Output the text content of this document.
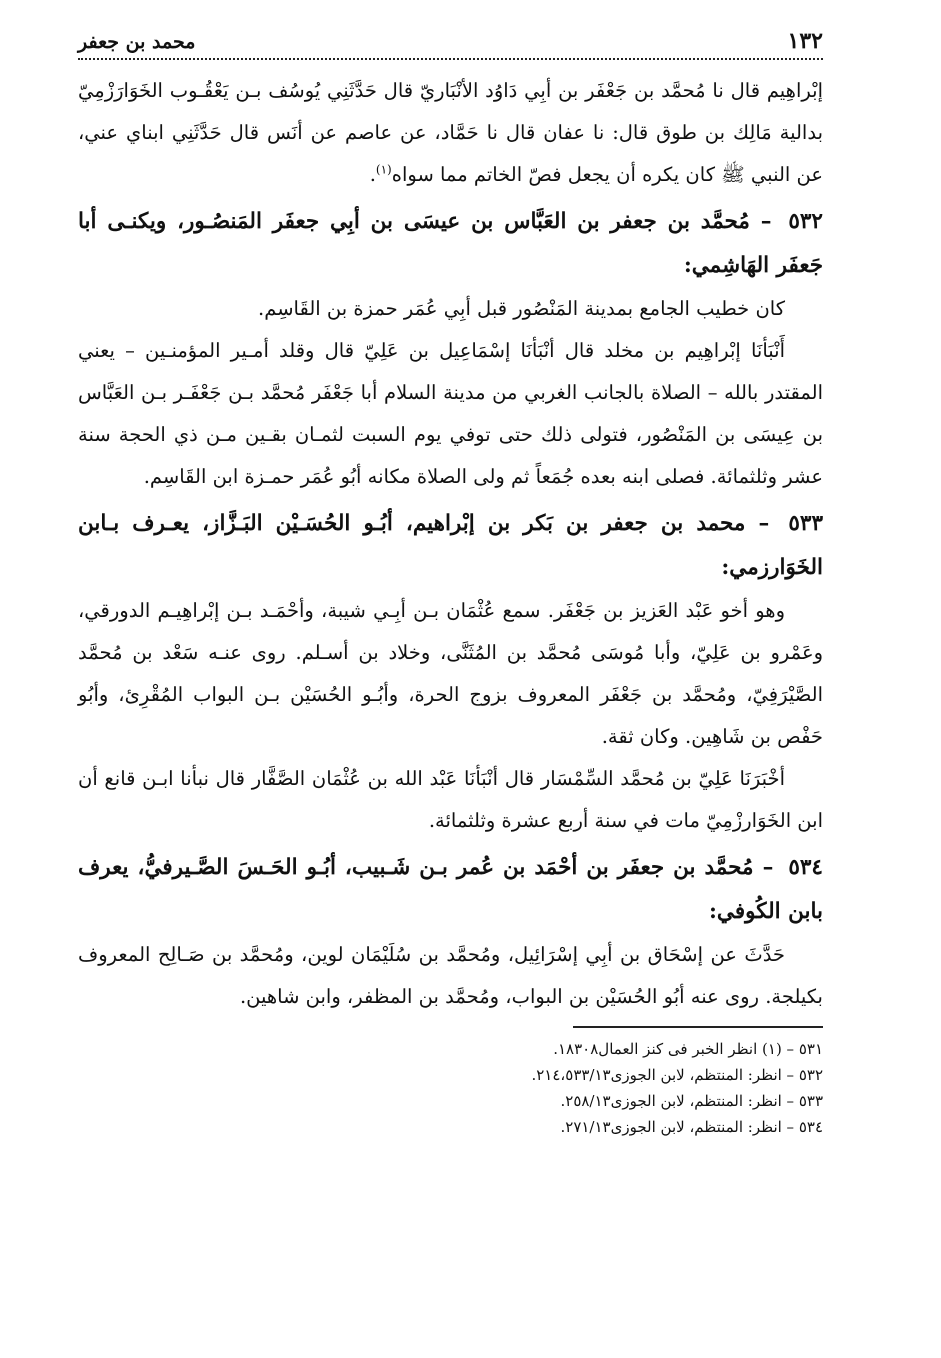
١٣٢
محمد بن جعفر

إبْراهِيم قال نا مُحمَّد بن جَعْفَر بن أبِي دَاوُد الأنْبَاريّ قال حَدَّثَنِي يُوسُف بـن يَعْقُـوب الخَوَارَزْمِيّ بدالية مَالِك بن طوق قال: نا عفان قال نا حَمَّاد، عن عاصم عن أنَس قال حَدَّثَنِي ابناي عني، عن النبي ﷺ كان يكره أن يجعل فصّ الخاتم مما سواه$^{(١)}$.

٥٣٢ – مُحمَّد بن جعفر بن العَبَّاس بن عيسَى بن أبِي جعفَر المَنصُـور، ويكنـى أبا جَعفَر الهَاشِمي:

كان خطيب الجامع بمدينة المَنْصُور قبل أبِي عُمَر حمزة بن القَاسِم.

أَنْبَأنَا إبْراهِيم بن مخلد قال أنْبَأنَا إسْمَاعِيل بن عَلِيّ قال وقلد أمـير المؤمنـين – يعني المقتدر بالله – الصلاة بالجانب الغربي من مدينة السلام أبا جَعْفَر مُحمَّد بـن جَعْفَـر بـن العَبَّاس بن عِيسَى بن المَنْصُور، فتولى ذلك حتى توفي يوم السبت لثمـان بقـين مـن ذي الحجة سنة عشر وثلثمائة. فصلى ابنه بعده جُمَعاً ثم ولى الصلاة مكانه أبُو عُمَر حمـزة ابن القَاسِم.

٥٣٣ – محمد بن جعفر بن بَكر بن إبْراهيم، أبُـو الحُسَـيْن البَـزَّاز، يعـرف بـابن الخَوَارزمي:

وهو أخو عَبْد العَزيز بن جَعْفَر. سمع عُثْمَان بـن أبِـي شيبة، وأحْمَـد بـن إبْراهِيـم الدورقي، وعَمْرو بن عَلِيّ، وأبا مُوسَى مُحمَّد بن المُثَنَّى، وخلاد بن أسـلم. روى عنـه سَعْد بن مُحمَّد الصَّيْرَفِيّ، ومُحمَّد بن جَعْفَر المعروف بزوج الحرة، وأبُـو الحُسَيْن بـن البواب المُقْرِئ، وأبُو حَفْص بن شَاهِين. وكان ثقة.

أخْبَرَنَا عَلِيّ بن مُحمَّد السِّمْسَار قال أنْبَأنَا عَبْد الله بن عُثْمَان الصَّفَّار قال نبأنا ابـن قانع أن ابن الخَوَارزْمِيّ مات في سنة أربع عشرة وثلثمائة.

٥٣٤ – مُحمَّد بن جعفَر بن أحْمَد بن عُمر بـن شَـبيب، أبُـو الحَـسَ الصَّـيرفيُّ، يعرف بابن الكُوفي:

حَدَّثَ عن إسْحَاق بن أبِي إسْرَائِيل، ومُحمَّد بن سُلَيْمَان لوين، ومُحمَّد بن صَـالِح المعروف بكيلجة. روى عنه أبُو الحُسَيْن بن البواب، ومُحمَّد بن المظفر، وابن شاهين.

٥٣١ – (١) انظر الخبر فى كنز العمال١٨٣٠٨.
٥٣٢ – انظر: المنتظم، لابن الجوزى٢١٤،٥٣٣/١٣.
٥٣٣ – انظر: المنتظم، لابن الجوزى٢٥٨/١٣.
٥٣٤ – انظر: المنتظم، لابن الجوزى٢٧١/١٣.
